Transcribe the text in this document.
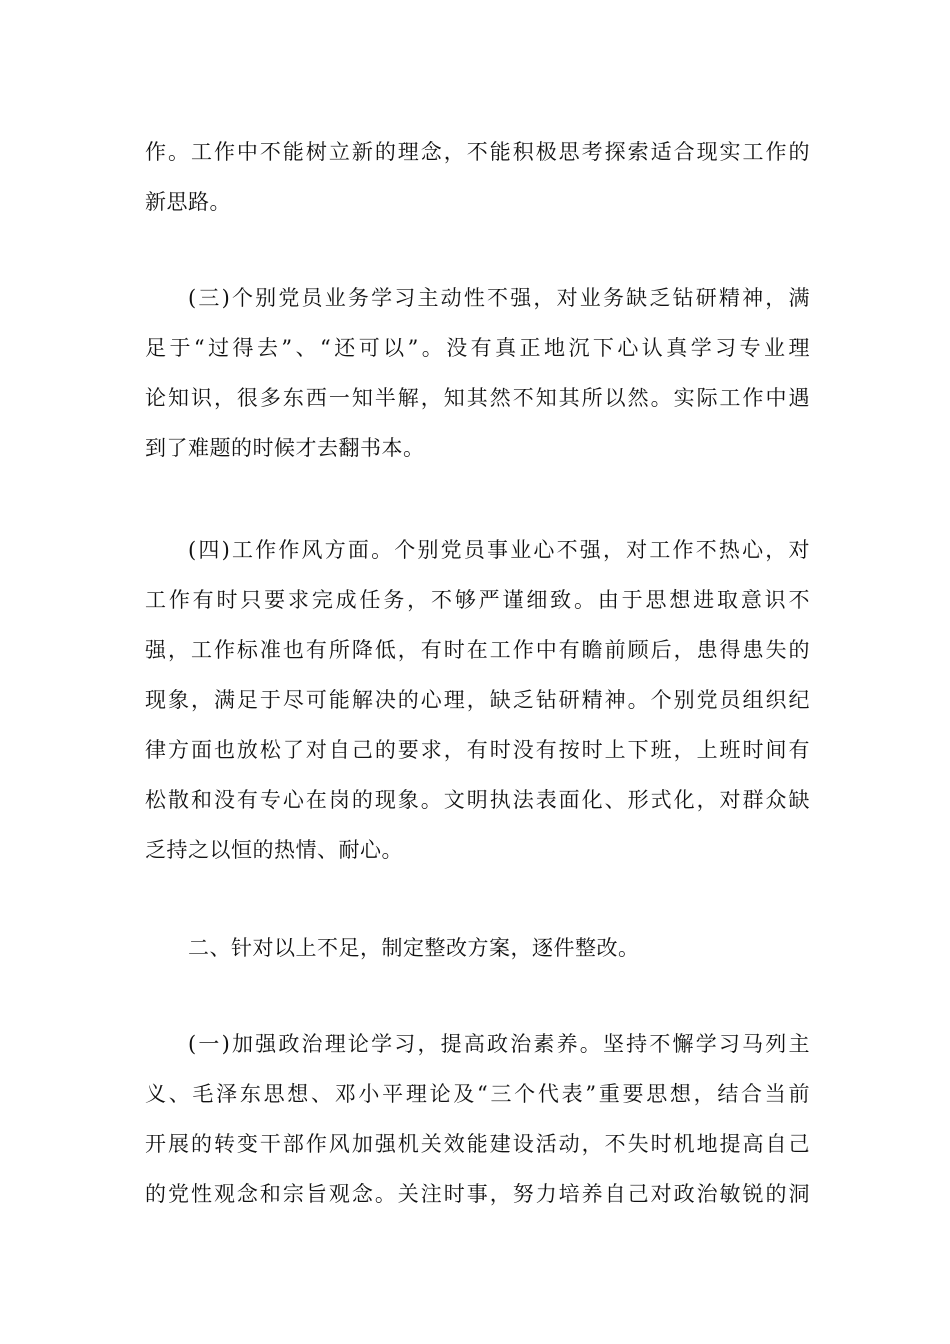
作。工作中不能树立新的理念，不能积极思考探索适合现实工作的
新思路。
(三)个别党员业务学习主动性不强，对业务缺乏钻研精神，满
足于“过得去”、“还可以”。没有真正地沉下心认真学习专业理
论知识，很多东西一知半解，知其然不知其所以然。实际工作中遇
到了难题的时候才去翻书本。
(四)工作作风方面。个别党员事业心不强，对工作不热心，对
工作有时只要求完成任务，不够严谨细致。由于思想进取意识不
强，工作标准也有所降低，有时在工作中有瞻前顾后，患得患失的
现象，满足于尽可能解决的心理，缺乏钻研精神。个别党员组织纪
律方面也放松了对自己的要求，有时没有按时上下班，上班时间有
松散和没有专心在岗的现象。文明执法表面化、形式化，对群众缺
乏持之以恒的热情、耐心。
二、针对以上不足，制定整改方案，逐件整改。
(一)加强政治理论学习，提高政治素养。坚持不懈学习马列主
义、毛泽东思想、邓小平理论及“三个代表”重要思想，结合当前
开展的转变干部作风加强机关效能建设活动，不失时机地提高自己
的党性观念和宗旨观念。关注时事，努力培养自己对政治敏锐的洞
